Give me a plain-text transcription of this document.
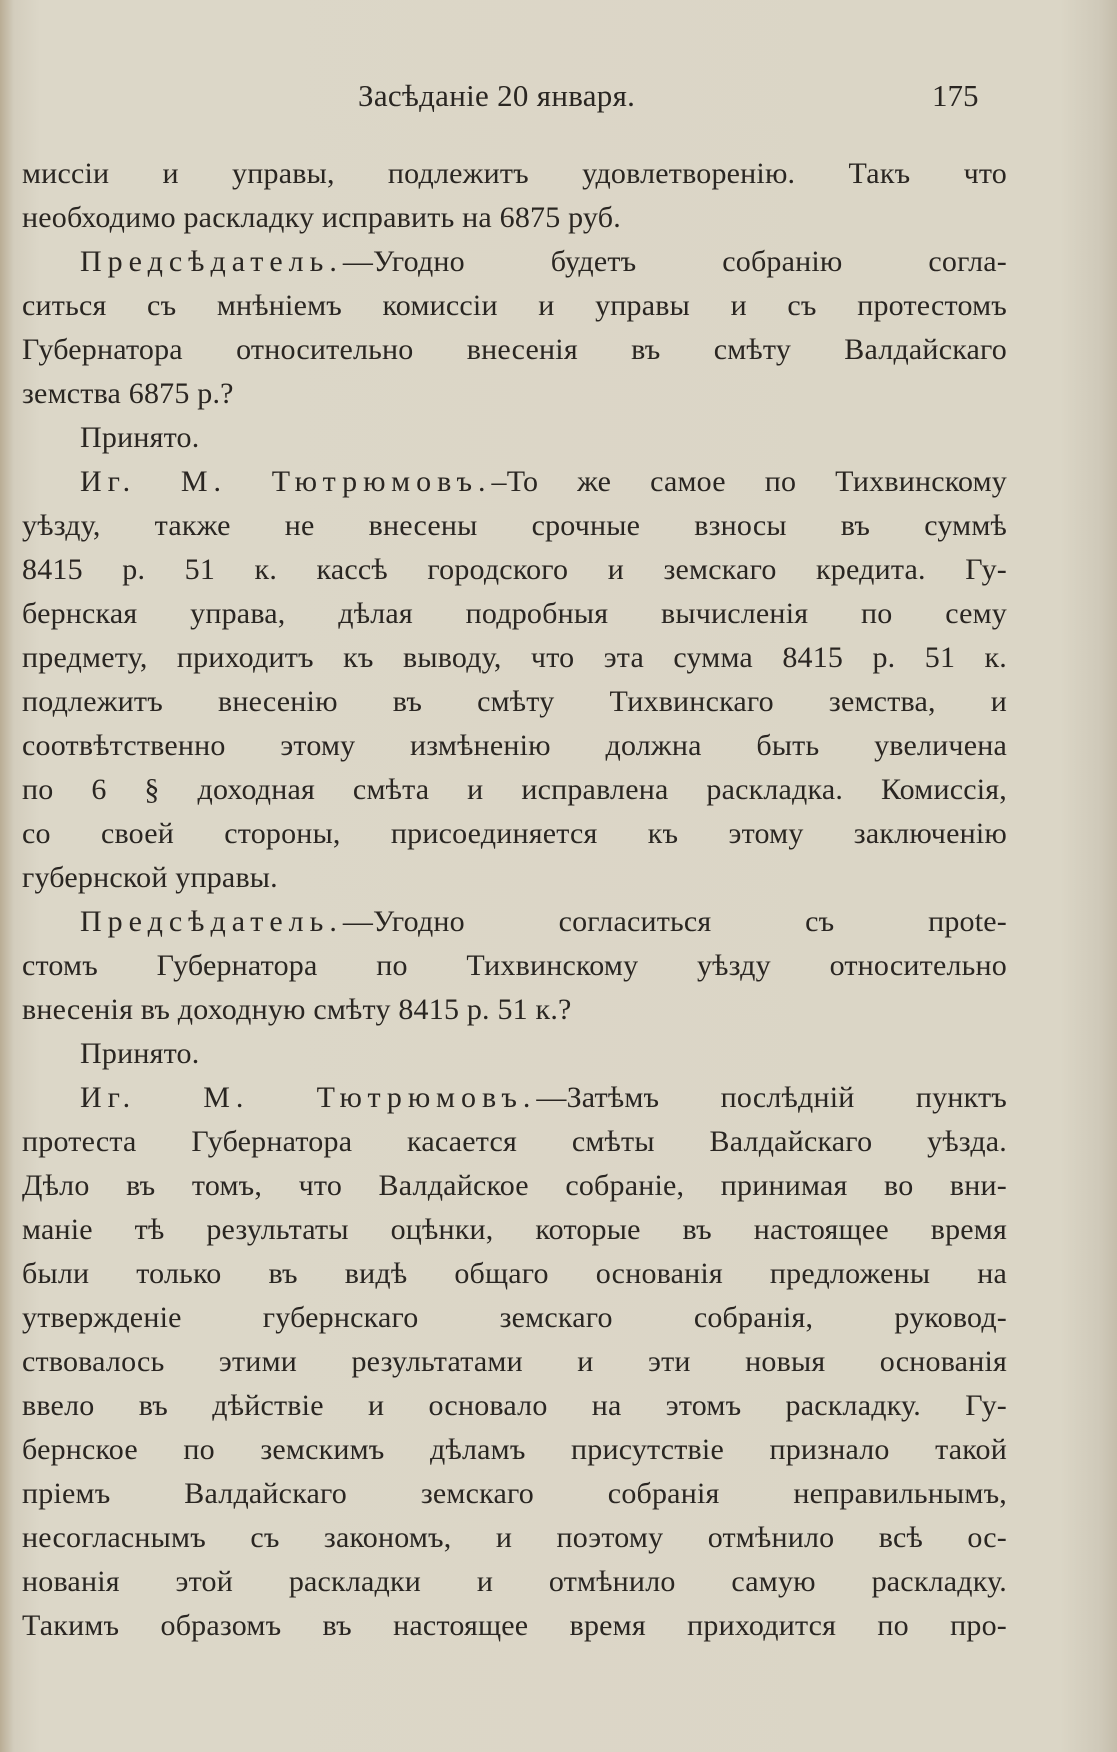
Засѣданіе 20 января.	175
миссіи и управы, подлежитъ удовлетворенію. Такъ что
необходимо раскладку исправить на 6875 руб.
Предсѣдатель.—Угодно будетъ собранію согла-
ситься съ мнѣніемъ комиссіи и управы и съ протестомъ
Губернатора относительно внесенія въ смѣту Валдайскаго
земства 6875 р.?
Принято.
Иг. М. Тютрюмовъ.–То же самое по Тихвинскому
уѣзду, также не внесены срочные взносы въ суммѣ
8415 р. 51 к. кассѣ городского и земскаго кредита. Гу-
бернская управа, дѣлая подробныя вычисленія по сему
предмету, приходитъ къ выводу, что эта сумма 8415 р. 51 к.
подлежитъ внесенію въ смѣту Тихвинскаго земства, и
соотвѣтственно этому измѣненію должна быть увеличена
по 6 § доходная смѣта и исправлена раскладка. Комиссія,
со своей стороны, присоединяется къ этому заключенію
губернской управы.
Предсѣдатель.—Угодно согласиться съ прote-
стомъ Губернатора по Тихвинскому уѣзду относительно
внесенія въ доходную смѣту 8415 р. 51 к.?
Принято.
Иг. М. Тютрюмовъ.—Затѣмъ послѣдній пунктъ
протеста Губернатора касается смѣты Валдайскаго уѣзда.
Дѣло въ томъ, что Валдайское собраніе, принимая во вни-
маніе тѣ результаты оцѣнки, которые въ настоящее время
были только въ видѣ общаго основанія предложены на
утвержденіе губернскаго земскаго собранія, руковод-
ствовалось этими результатами и эти новыя основанія
ввело въ дѣйствіе и основало на этомъ раскладку. Гу-
бернское по земскимъ дѣламъ присутствіе признало такой
пріемъ Валдайскаго земскаго собранія неправильнымъ,
несогласнымъ съ закономъ, и поэтому отмѣнило всѣ ос-
нованія этой раскладки и отмѣнило самую раскладку.
Такимъ образомъ въ настоящее время приходится по про-
